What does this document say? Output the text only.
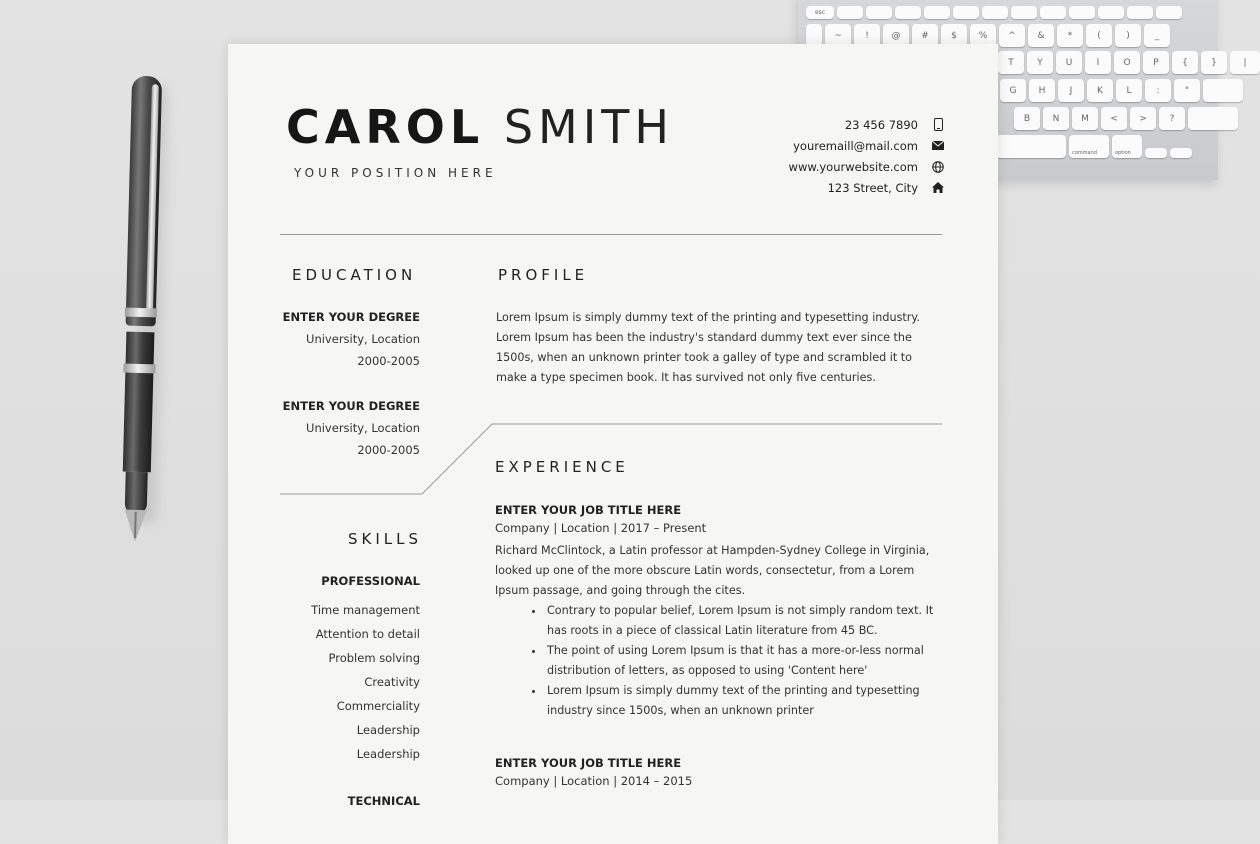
esc
~	!	@	#	$	%	^	&	*	(	)	_
T	Y	U	I	O	P	{	}	|
G	H	J	K	L	:	"
B	N	M	<	>	?
command	option
CAROL SMITH
YOUR POSITION HERE
23 456 7890
youremaill@mail.com
www.yourwebsite.com
123 Street, City
EDUCATION
ENTER YOUR DEGREE
University, Location
2000-2005
ENTER YOUR DEGREE
University, Location
2000-2005
SKILLS
PROFESSIONAL
Time management
Attention to detail
Problem solving
Creativity
Commerciality
Leadership
Leadership
TECHNICAL
PROFILE
Lorem Ipsum is simply dummy text of the printing and typesetting industry. Lorem Ipsum has been the industry's standard dummy text ever since the 1500s, when an unknown printer took a galley of type and scrambled it to make a type specimen book. It has survived not only five centuries.
EXPERIENCE
ENTER YOUR JOB TITLE HERE
Company | Location | 2017 – Present
Richard McClintock, a Latin professor at Hampden-Sydney College in Virginia, looked up one of the more obscure Latin words, consectetur, from a Lorem Ipsum passage, and going through the cites.
• Contrary to popular belief, Lorem Ipsum is not simply random text. It has roots in a piece of classical Latin literature from 45 BC.
• The point of using Lorem Ipsum is that it has a more-or-less normal distribution of letters, as opposed to using 'Content here'
• Lorem Ipsum is simply dummy text of the printing and typesetting industry since 1500s, when an unknown printer
ENTER YOUR JOB TITLE HERE
Company | Location | 2014 – 2015
